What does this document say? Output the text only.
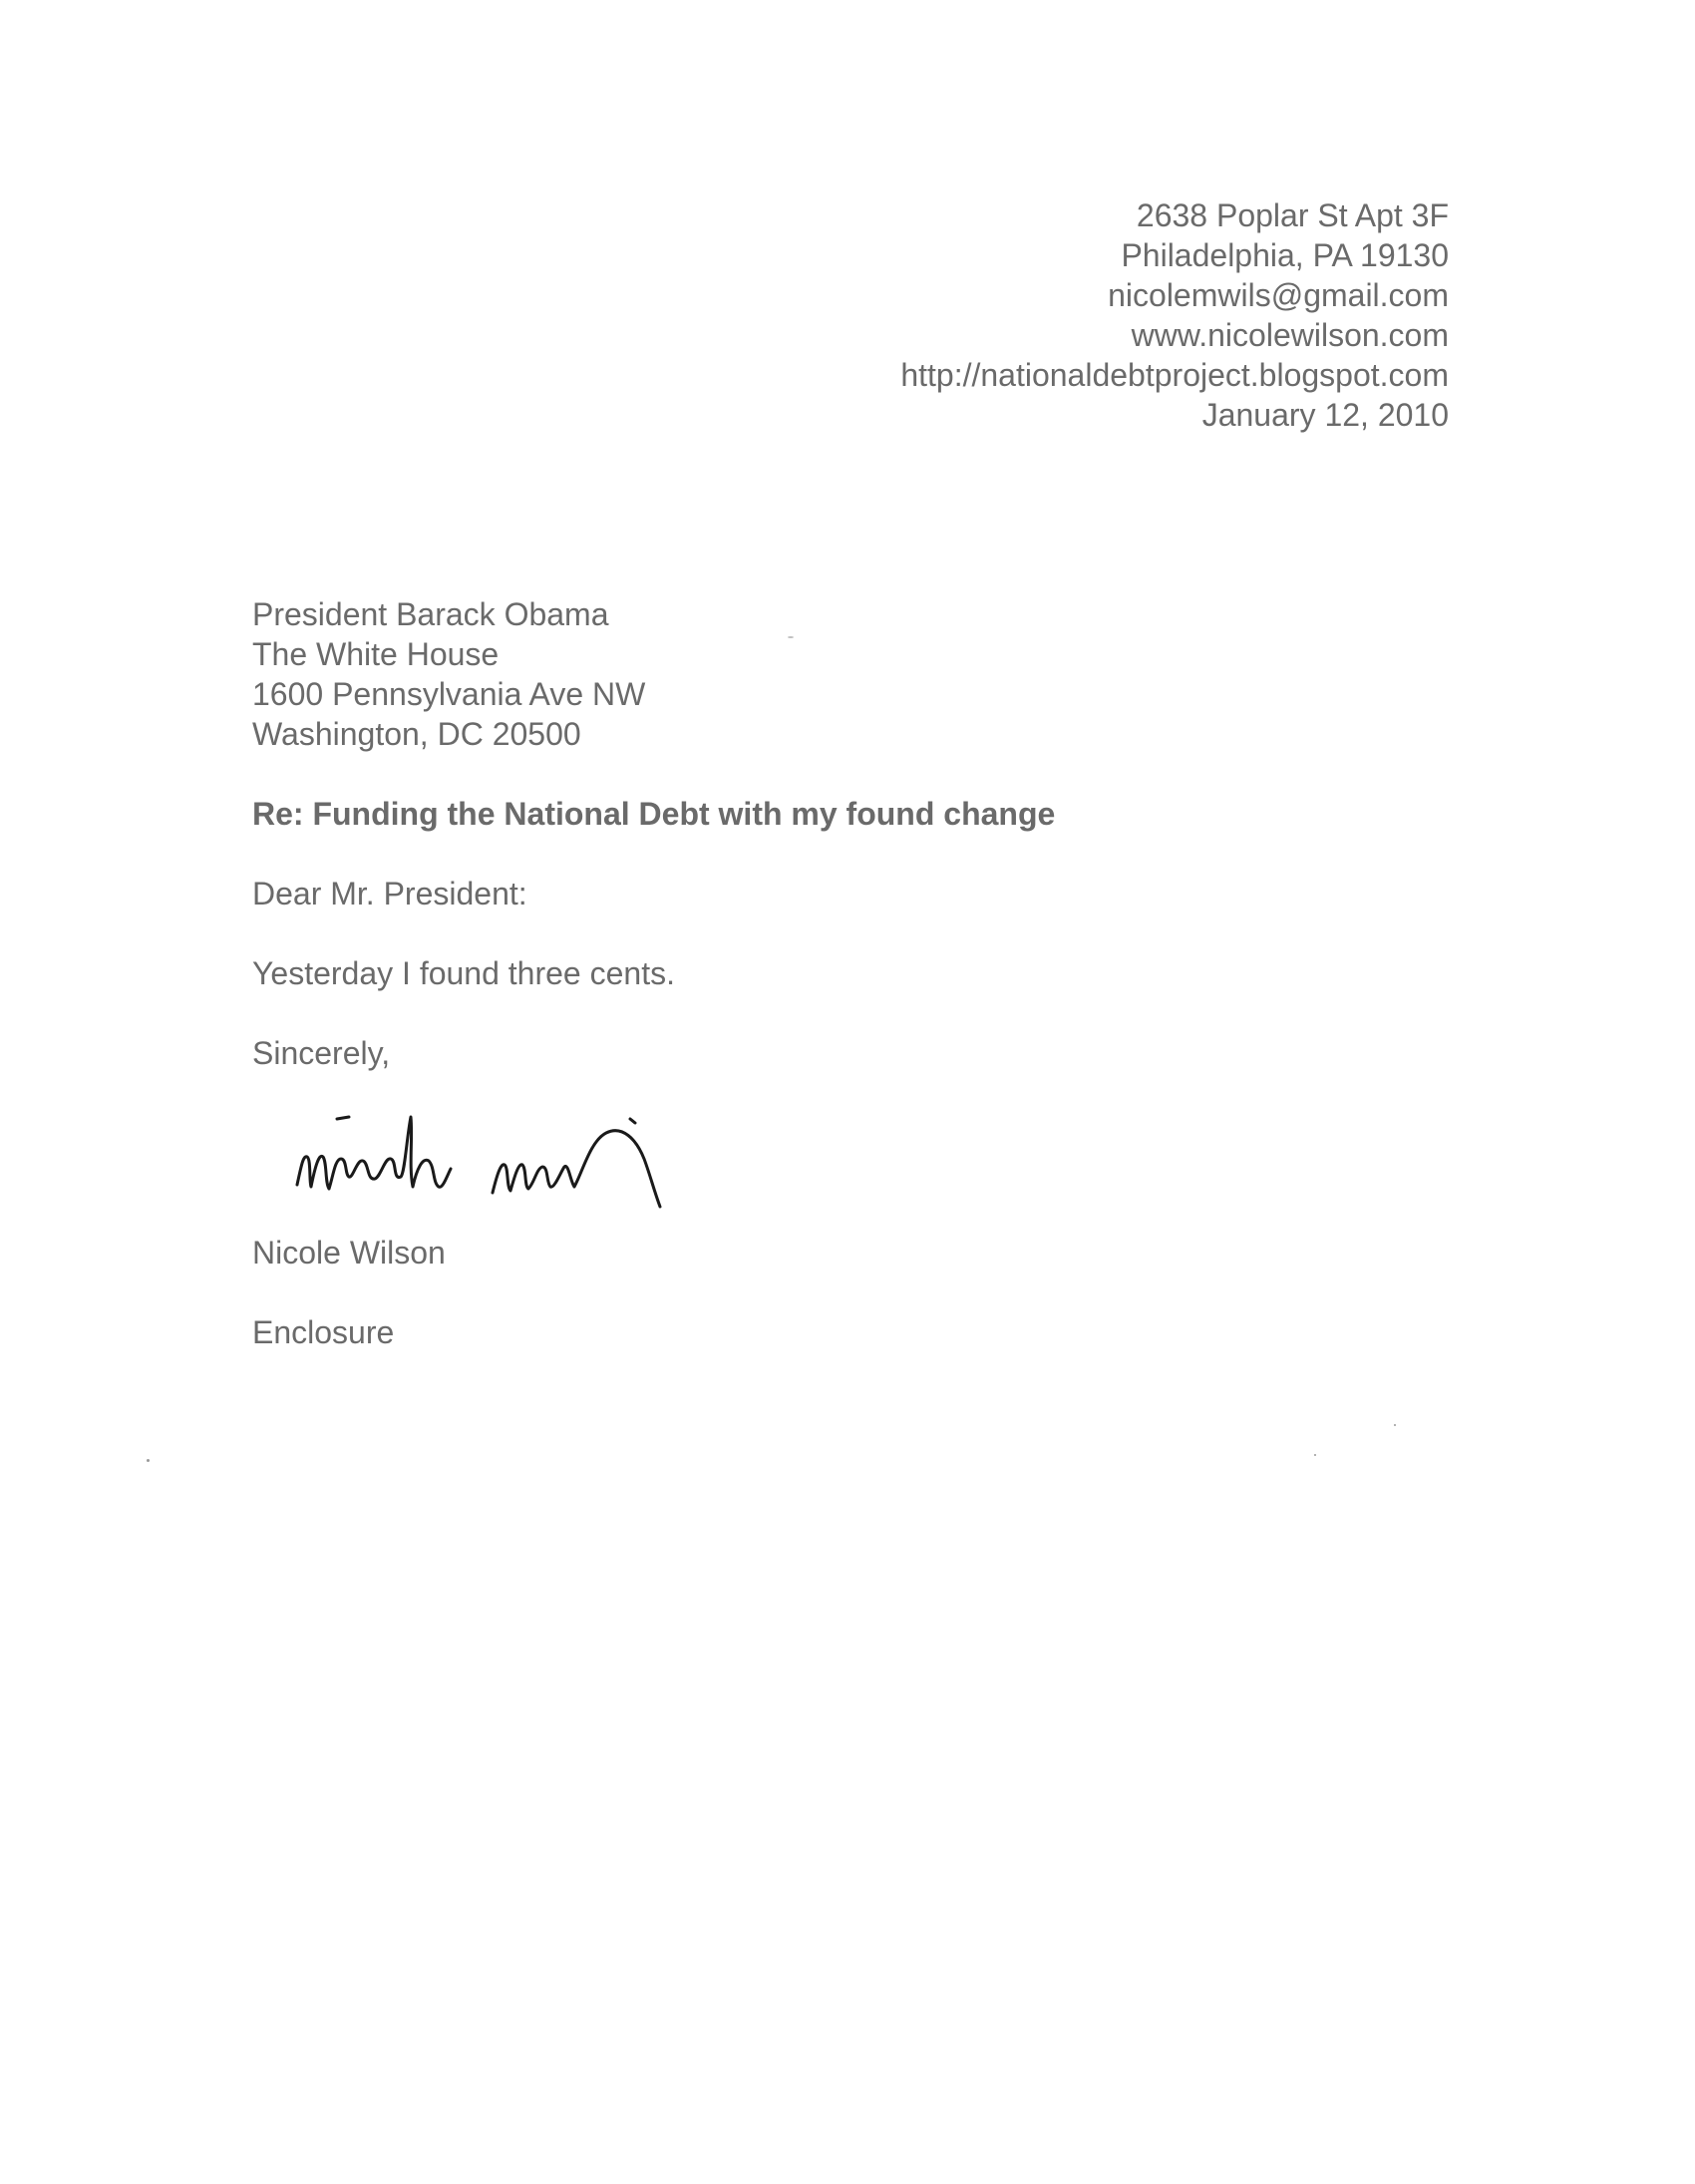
2638 Poplar St Apt 3F
Philadelphia, PA 19130
nicolemwils@gmail.com
www.nicolewilson.com
http://nationaldebtproject.blogspot.com
January 12, 2010
President Barack Obama
The White House
1600 Pennsylvania Ave NW
Washington, DC 20500
Re: Funding the National Debt with my found change
Dear Mr. President:
Yesterday I found three cents.
Sincerely,
Nicole Wilson
Enclosure
